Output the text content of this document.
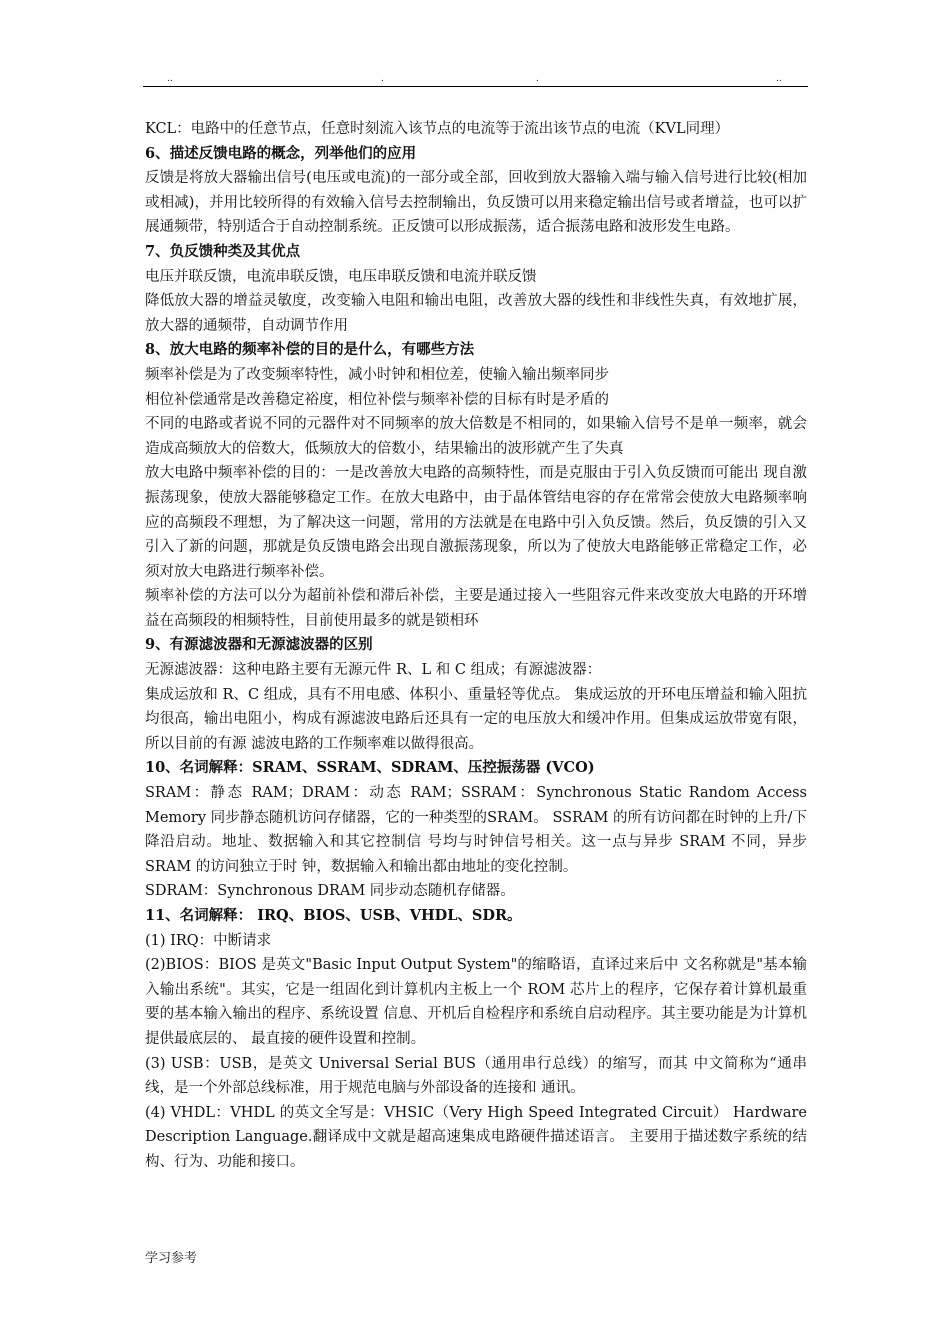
..	.	.	..

KCL：电路中的任意节点，任意时刻流入该节点的电流等于流出该节点的电流（KVL同理）

6、描述反馈电路的概念，列举他们的应用

反馈是将放大器输出信号(电压或电流)的一部分或全部，回收到放大器输入端与输入信号进行比较(相加或相减)，并用比较所得的有效输入信号去控制输出，负反馈可以用来稳定输出信号或者增益，也可以扩展通频带，特别适合于自动控制系统。正反馈可以形成振荡，适合振荡电路和波形发生电路。

7、负反馈种类及其优点

电压并联反馈，电流串联反馈，电压串联反馈和电流并联反馈

降低放大器的增益灵敏度，改变输入电阻和输出电阻，改善放大器的线性和非线性失真，有效地扩展，放大器的通频带，自动调节作用

8、放大电路的频率补偿的目的是什么，有哪些方法

频率补偿是为了改变频率特性，减小时钟和相位差，使输入输出频率同步

相位补偿通常是改善稳定裕度，相位补偿与频率补偿的目标有时是矛盾的

不同的电路或者说不同的元器件对不同频率的放大倍数是不相同的，如果输入信号不是单一频率，就会造成高频放大的倍数大，低频放大的倍数小，结果输出的波形就产生了失真

放大电路中频率补偿的目的：一是改善放大电路的高频特性，而是克服由于引入负反馈而可能出 现自激振荡现象，使放大器能够稳定工作。在放大电路中，由于晶体管结电容的存在常常会使放大电路频率响应的高频段不理想，为了解决这一问题，常用的方法就是在电路中引入负反馈。然后，负反馈的引入又引入了新的问题，那就是负反馈电路会出现自激振荡现象，所以为了使放大电路能够正常稳定工作，必须对放大电路进行频率补偿。

频率补偿的方法可以分为超前补偿和滞后补偿，主要是通过接入一些阻容元件来改变放大电路的开环增益在高频段的相频特性，目前使用最多的就是锁相环

9、有源滤波器和无源滤波器的区别

无源滤波器：这种电路主要有无源元件 R、L 和 C 组成；有源滤波器：

集成运放和 R、C 组成，具有不用电感、体积小、重量轻等优点。 集成运放的开环电压增益和输入阻抗均很高，输出电阻小，构成有源滤波电路后还具有一定的电压放大和缓冲作用。但集成运放带宽有限，所以目前的有源 滤波电路的工作频率难以做得很高。

10、名词解释：SRAM、SSRAM、SDRAM、压控振荡器 (VCO)

SRAM：静态 RAM；DRAM：动态 RAM；SSRAM：Synchronous Static Random Access Memory 同步静态随机访问存储器，它的一种类型的SRAM。 SSRAM 的所有访问都在时钟的上升/下降沿启动。地址、数据输入和其它控制信 号均与时钟信号相关。这一点与异步 SRAM 不同，异步 SRAM 的访问独立于时 钟，数据输入和输出都由地址的变化控制。

SDRAM：Synchronous DRAM 同步动态随机存储器。

11、名词解释： IRQ、BIOS、USB、VHDL、SDR。

(1) IRQ：中断请求

(2)BIOS：BIOS 是英文"Basic Input Output System"的缩略语，直译过来后中 文名称就是"基本输入输出系统"。其实，它是一组固化到计算机内主板上一个 ROM 芯片上的程序，它保存着计算机最重要的基本输入输出的程序、系统设置 信息、开机后自检程序和系统自启动程序。其主要功能是为计算机提供最底层的、 最直接的硬件设置和控制。

(3) USB：USB，是英文 Universal Serial BUS（通用串行总线）的缩写，而其 中文简称为“通串线，是一个外部总线标准，用于规范电脑与外部设备的连接和 通讯。

(4) VHDL：VHDL 的英文全写是：VHSIC（Very High Speed Integrated Circuit） Hardware Description Language.翻译成中文就是超高速集成电路硬件描述语言。 主要用于描述数字系统的结构、行为、功能和接口。

学习参考
